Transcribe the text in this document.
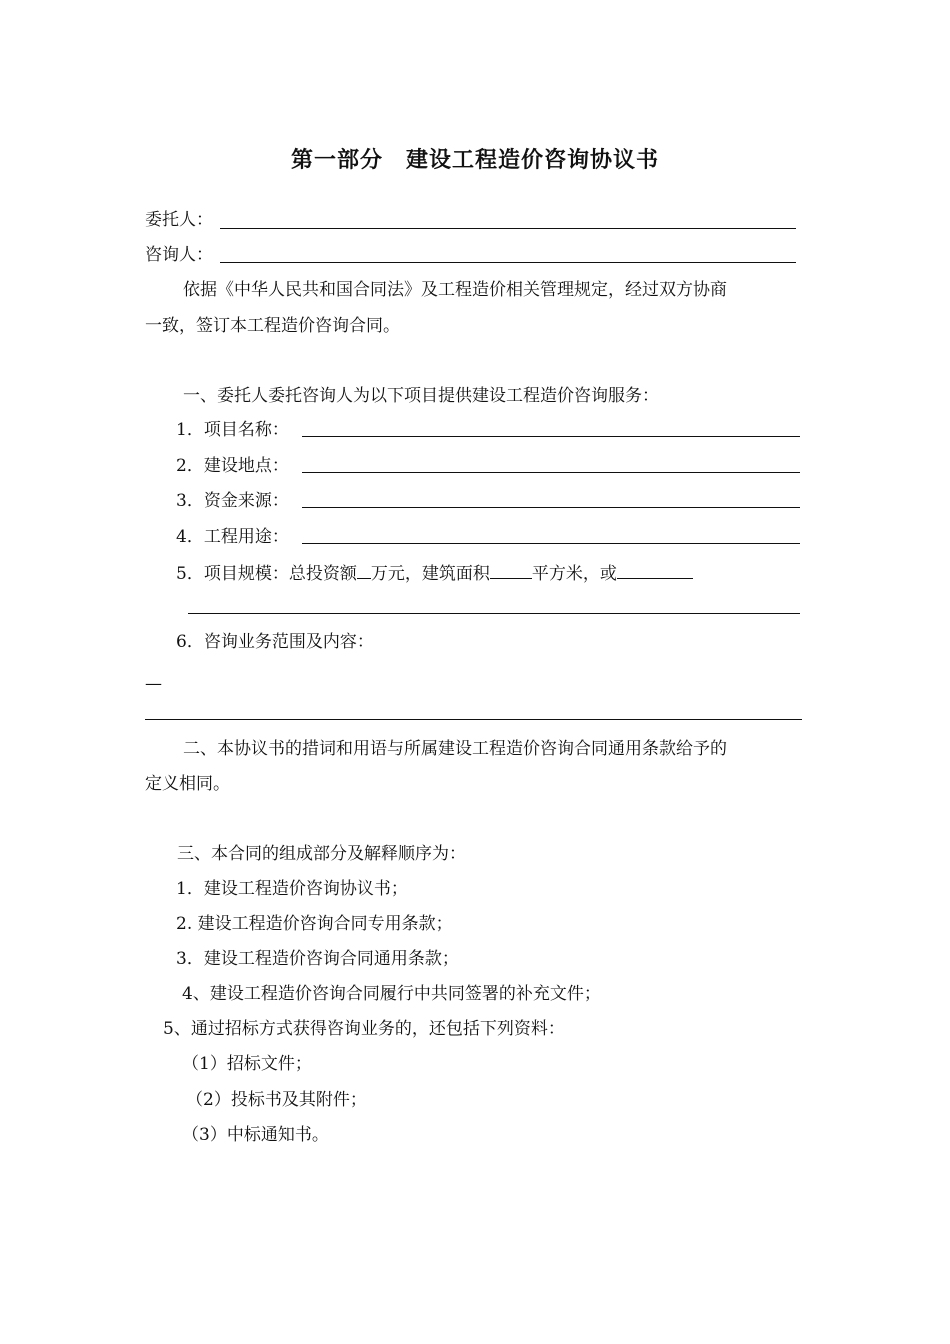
第一部分　建设工程造价咨询协议书
委托人：
咨询人：
依据《中华人民共和国合同法》及工程造价相关管理规定，经过双方协商
一致，签订本工程造价咨询合同。
一、委托人委托咨询人为以下项目提供建设工程造价咨询服务：
1．项目名称：
2．建设地点：
3．资金来源：
4．工程用途：
5．项目规模：总投资额 万元，建筑面积 平方米，或
6．咨询业务范围及内容：
—
二、本协议书的措词和用语与所属建设工程造价咨询合同通用条款给予的
定义相同。
三、本合同的组成部分及解释顺序为：
1．建设工程造价咨询协议书；
2. 建设工程造价咨询合同专用条款；
3．建设工程造价咨询合同通用条款；
4、建设工程造价咨询合同履行中共同签署的补充文件；
5、通过招标方式获得咨询业务的，还包括下列资料：
（1）招标文件；
（2）投标书及其附件；
（3）中标通知书。
